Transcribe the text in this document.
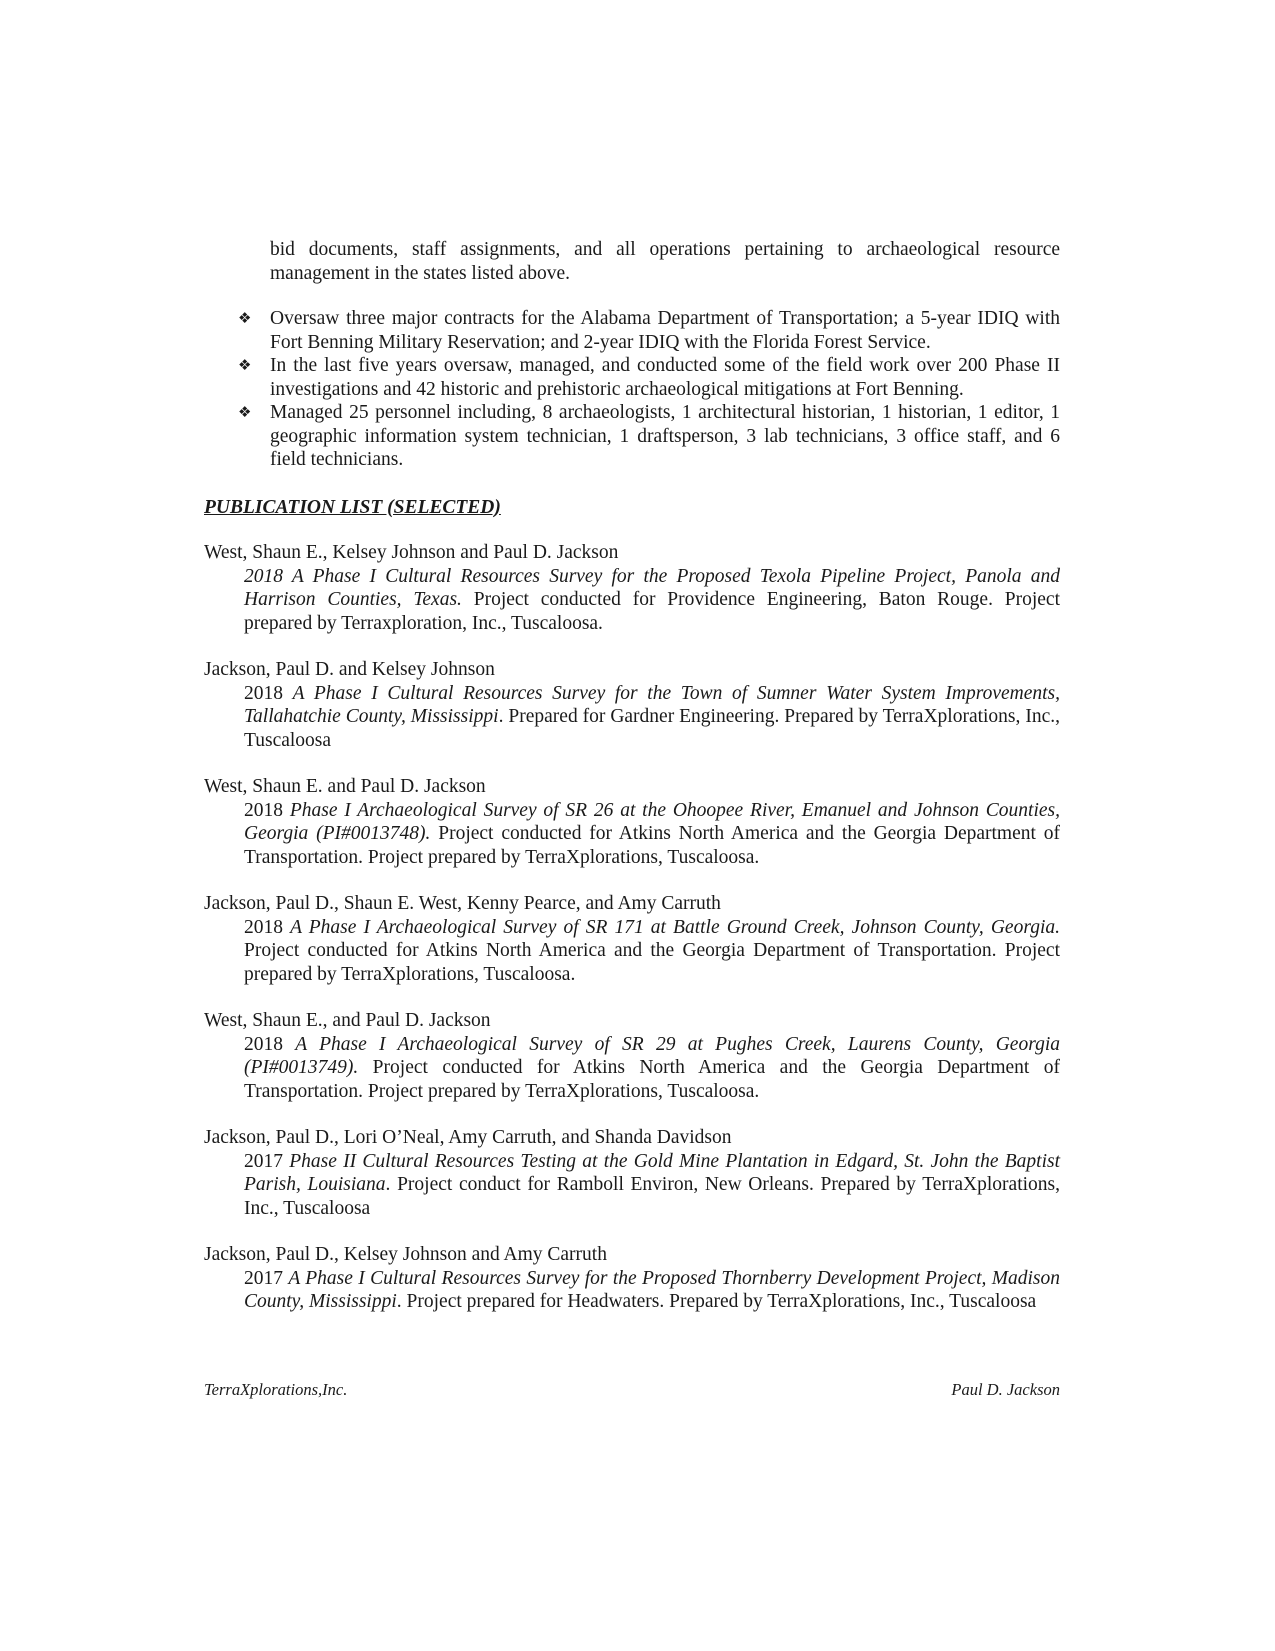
bid documents, staff assignments, and all operations pertaining to archaeological resource management in the states listed above.
❖ Oversaw three major contracts for the Alabama Department of Transportation; a 5-year IDIQ with Fort Benning Military Reservation; and 2-year IDIQ with the Florida Forest Service.
❖ In the last five years oversaw, managed, and conducted some of the field work over 200 Phase II investigations and 42 historic and prehistoric archaeological mitigations at Fort Benning.
❖ Managed 25 personnel including, 8 archaeologists, 1 architectural historian, 1 historian, 1 editor, 1 geographic information system technician, 1 draftsperson, 3 lab technicians, 3 office staff, and 6 field technicians.
PUBLICATION LIST (SELECTED)
West, Shaun E., Kelsey Johnson and Paul D. Jackson
2018 A Phase I Cultural Resources Survey for the Proposed Texola Pipeline Project, Panola and Harrison Counties, Texas. Project conducted for Providence Engineering, Baton Rouge. Project prepared by Terraxploration, Inc., Tuscaloosa.
Jackson, Paul D. and Kelsey Johnson
2018 A Phase I Cultural Resources Survey for the Town of Sumner Water System Improvements, Tallahatchie County, Mississippi. Prepared for Gardner Engineering. Prepared by TerraXplorations, Inc., Tuscaloosa
West, Shaun E. and Paul D. Jackson
2018 Phase I Archaeological Survey of SR 26 at the Ohoopee River, Emanuel and Johnson Counties, Georgia (PI#0013748). Project conducted for Atkins North America and the Georgia Department of Transportation. Project prepared by TerraXplorations, Tuscaloosa.
Jackson, Paul D., Shaun E. West, Kenny Pearce, and Amy Carruth
2018 A Phase I Archaeological Survey of SR 171 at Battle Ground Creek, Johnson County, Georgia. Project conducted for Atkins North America and the Georgia Department of Transportation. Project prepared by TerraXplorations, Tuscaloosa.
West, Shaun E., and Paul D. Jackson
2018 A Phase I Archaeological Survey of SR 29 at Pughes Creek, Laurens County, Georgia (PI#0013749). Project conducted for Atkins North America and the Georgia Department of Transportation. Project prepared by TerraXplorations, Tuscaloosa.
Jackson, Paul D., Lori O’Neal, Amy Carruth, and Shanda Davidson
2017 Phase II Cultural Resources Testing at the Gold Mine Plantation in Edgard, St. John the Baptist Parish, Louisiana. Project conduct for Ramboll Environ, New Orleans. Prepared by TerraXplorations, Inc., Tuscaloosa
Jackson, Paul D., Kelsey Johnson and Amy Carruth
2017 A Phase I Cultural Resources Survey for the Proposed Thornberry Development Project, Madison County, Mississippi. Project prepared for Headwaters. Prepared by TerraXplorations, Inc., Tuscaloosa
TerraXplorations,Inc.	Paul D. Jackson
